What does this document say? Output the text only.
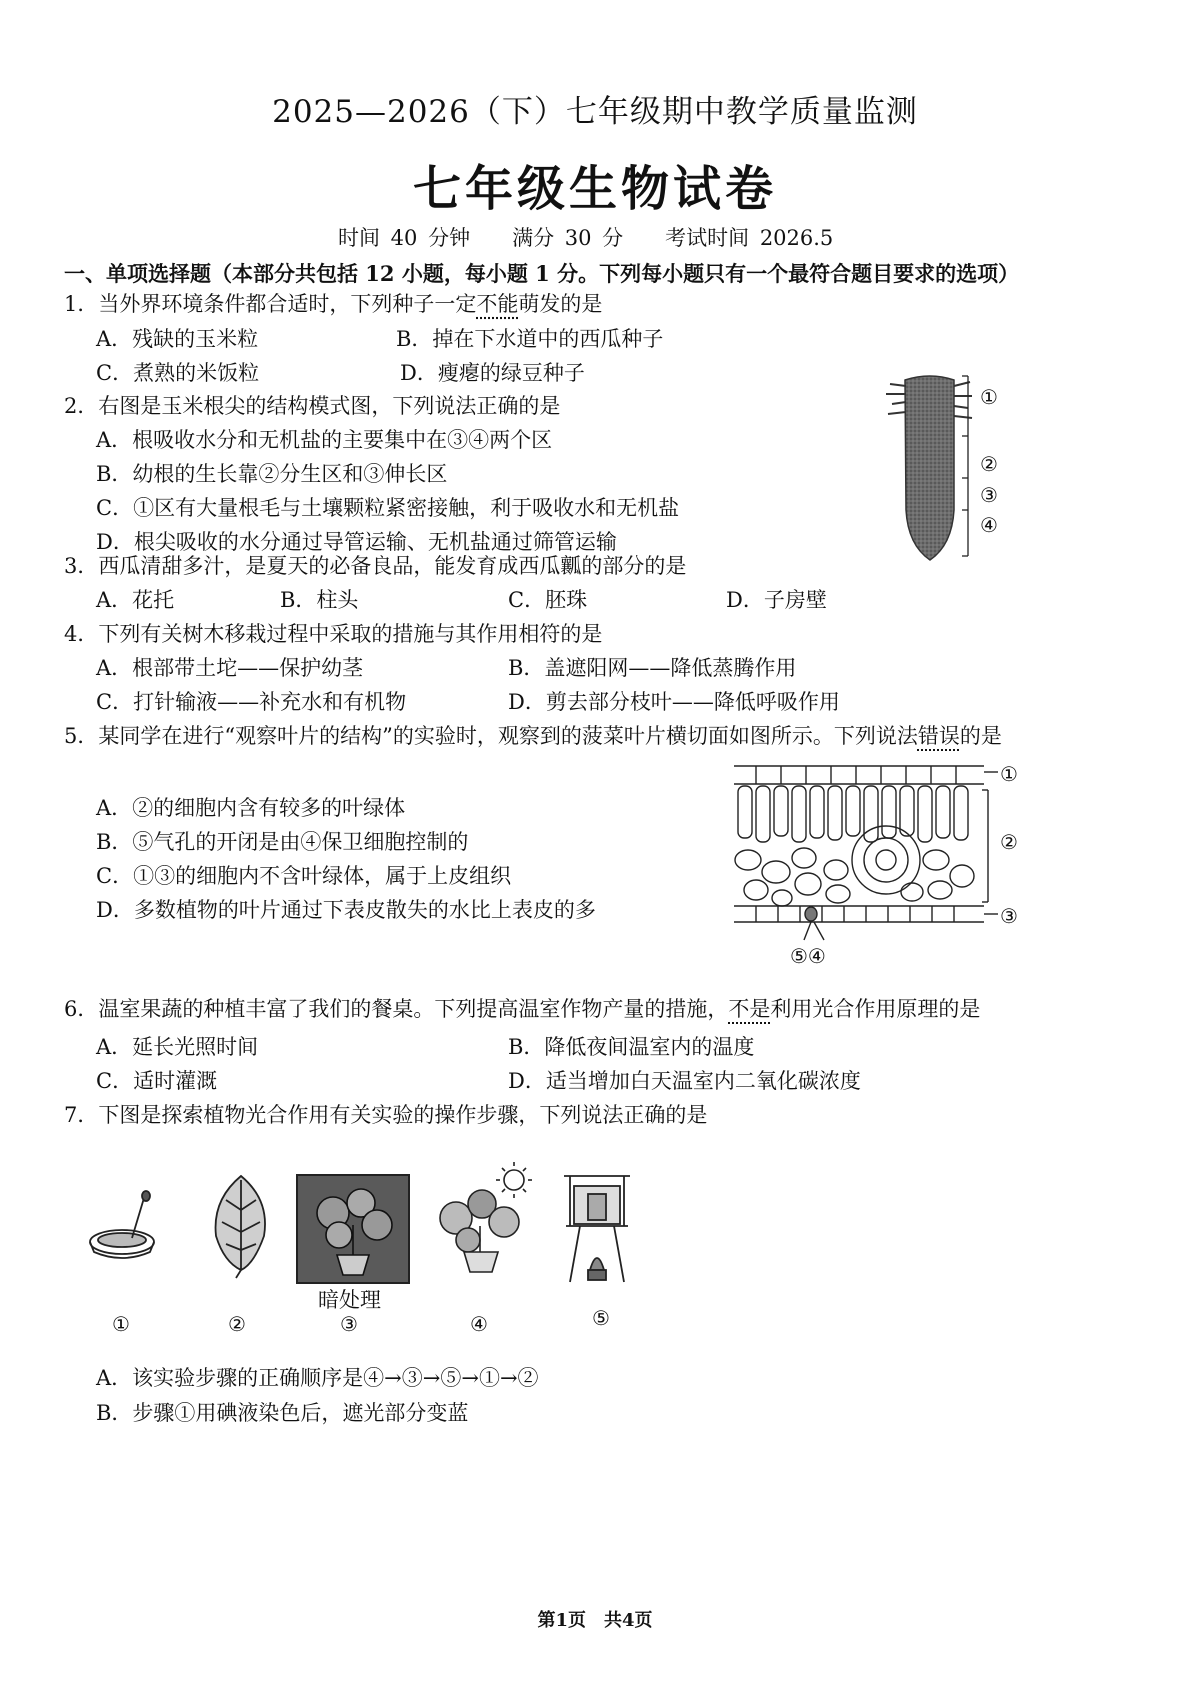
2025—2026（下）七年级期中教学质量监测
七年级生物试卷
时间 40 分钟　　满分 30 分　　考试时间 2026.5
一、单项选择题（本部分共包括 12 小题，每小题 1 分。下列每小题只有一个最符合题目要求的选项）
1．当外界环境条件都合适时，下列种子一定不能萌发的是
A．残缺的玉米粒	B．掉在下水道中的西瓜种子
C．煮熟的米饭粒	D．瘦瘪的绿豆种子
2．右图是玉米根尖的结构模式图，下列说法正确的是
A．根吸收水分和无机盐的主要集中在③④两个区
B．幼根的生长靠②分生区和③伸长区
C．①区有大量根毛与土壤颗粒紧密接触，利于吸收水和无机盐
D．根尖吸收的水分通过导管运输、无机盐通过筛管运输
①
②
③
④
3．西瓜清甜多汁，是夏天的必备良品，能发育成西瓜瓤的部分的是
A．花托	B．柱头	C．胚珠	D．子房壁
4．下列有关树木移栽过程中采取的措施与其作用相符的是
A．根部带土坨——保护幼茎	B．盖遮阳网——降低蒸腾作用
C．打针输液——补充水和有机物	D．剪去部分枝叶——降低呼吸作用
5．某同学在进行“观察叶片的结构”的实验时，观察到的菠菜叶片横切面如图所示。下列说法错误的是
A．②的细胞内含有较多的叶绿体
B．⑤气孔的开闭是由④保卫细胞控制的
C．①③的细胞内不含叶绿体，属于上皮组织
D．多数植物的叶片通过下表皮散失的水比上表皮的多
①
②
③
⑤④
6．温室果蔬的种植丰富了我们的餐桌。下列提高温室作物产量的措施，不是利用光合作用原理的是
A．延长光照时间	B．降低夜间温室内的温度
C．适时灌溉	D．适当增加白天温室内二氧化碳浓度
7．下图是探索植物光合作用有关实验的操作步骤，下列说法正确的是
暗处理
①	②	③	④	⑤
A．该实验步骤的正确顺序是④→③→⑤→①→②
B．步骤①用碘液染色后，遮光部分变蓝
第1页　共4页
